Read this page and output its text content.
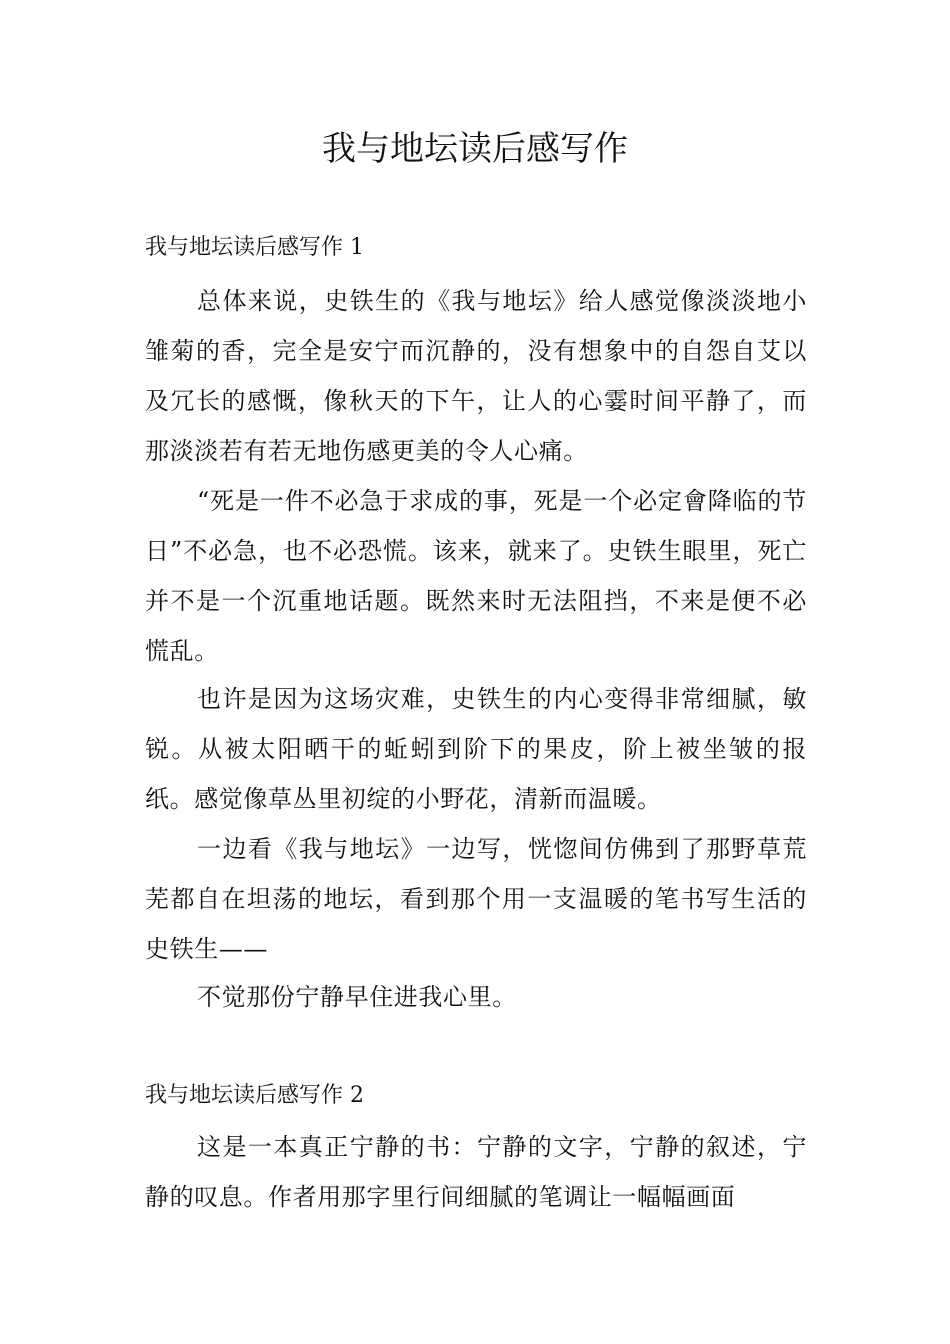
我与地坛读后感写作
我与地坛读后感写作 1

总体来说，史铁生的《我与地坛》给人感觉像淡淡地小雏菊的香，完全是安宁而沉静的，没有想象中的自怨自艾以及冗长的感慨，像秋天的下午，让人的心霎时间平静了，而那淡淡若有若无地伤感更美的令人心痛。

“死是一件不必急于求成的事，死是一个必定會降临的节日”不必急，也不必恐慌。该来，就来了。史铁生眼里，死亡并不是一个沉重地话题。既然来时无法阻挡，不来是便不必慌乱。

也许是因为这场灾难，史铁生的内心变得非常细腻，敏锐。从被太阳晒干的蚯蚓到阶下的果皮，阶上被坐皱的报纸。感觉像草丛里初绽的小野花，清新而温暖。

一边看《我与地坛》一边写，恍惚间仿佛到了那野草荒芜都自在坦荡的地坛，看到那个用一支温暖的笔书写生活的史铁生——

不觉那份宁静早住进我心里。

我与地坛读后感写作 2

这是一本真正宁静的书：宁静的文字，宁静的叙述，宁静的叹息。作者用那字里行间细腻的笔调让一幅幅画面
